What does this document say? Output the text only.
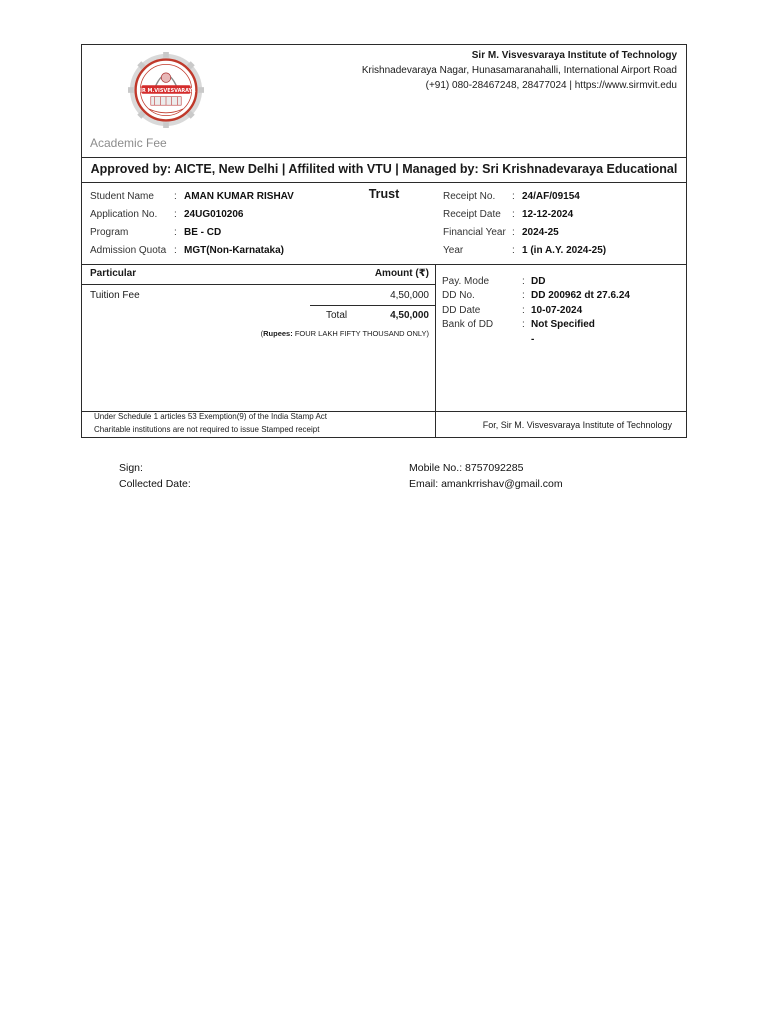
SIR M.VISVESVARAYA
Sir M. Visvesvaraya Institute of Technology
Krishnadevaraya Nagar, Hunasamaranahalli, International Airport Road
(+91) 080-28467248, 28477024 | https://www.sirmvit.edu
Academic Fee
Approved by: AICTE, New Delhi | Affilited with VTU | Managed by: Sri Krishnadevaraya Educational Trust
Student Name	: AMAN KUMAR RISHAV
Application No.	: 24UG010206
Program	: BE - CD
Admission Quota : MGT(Non-Karnataka)
Receipt No.	: 24/AF/09154
Receipt Date	: 12-12-2024
Financial Year : 2024-25
Year	: 1 (in A.Y. 2024-25)
Particular	Amount (₹)
Tuition Fee	4,50,000
Total	4,50,000
(Rupees: FOUR LAKH FIFTY THOUSAND ONLY)
Pay. Mode	: DD
DD No.	: DD 200962 dt 27.6.24
DD Date	: 10-07-2024
Bank of DD	: Not Specified
-
Under Schedule 1 articles 53 Exemption(9) of the India Stamp Act
Charitable institutions are not required to issue Stamped receipt	For, Sir M. Visvesvaraya Institute of Technology
Sign:
Collected Date:
Mobile No.: 8757092285
Email: amankrrishav@gmail.com
